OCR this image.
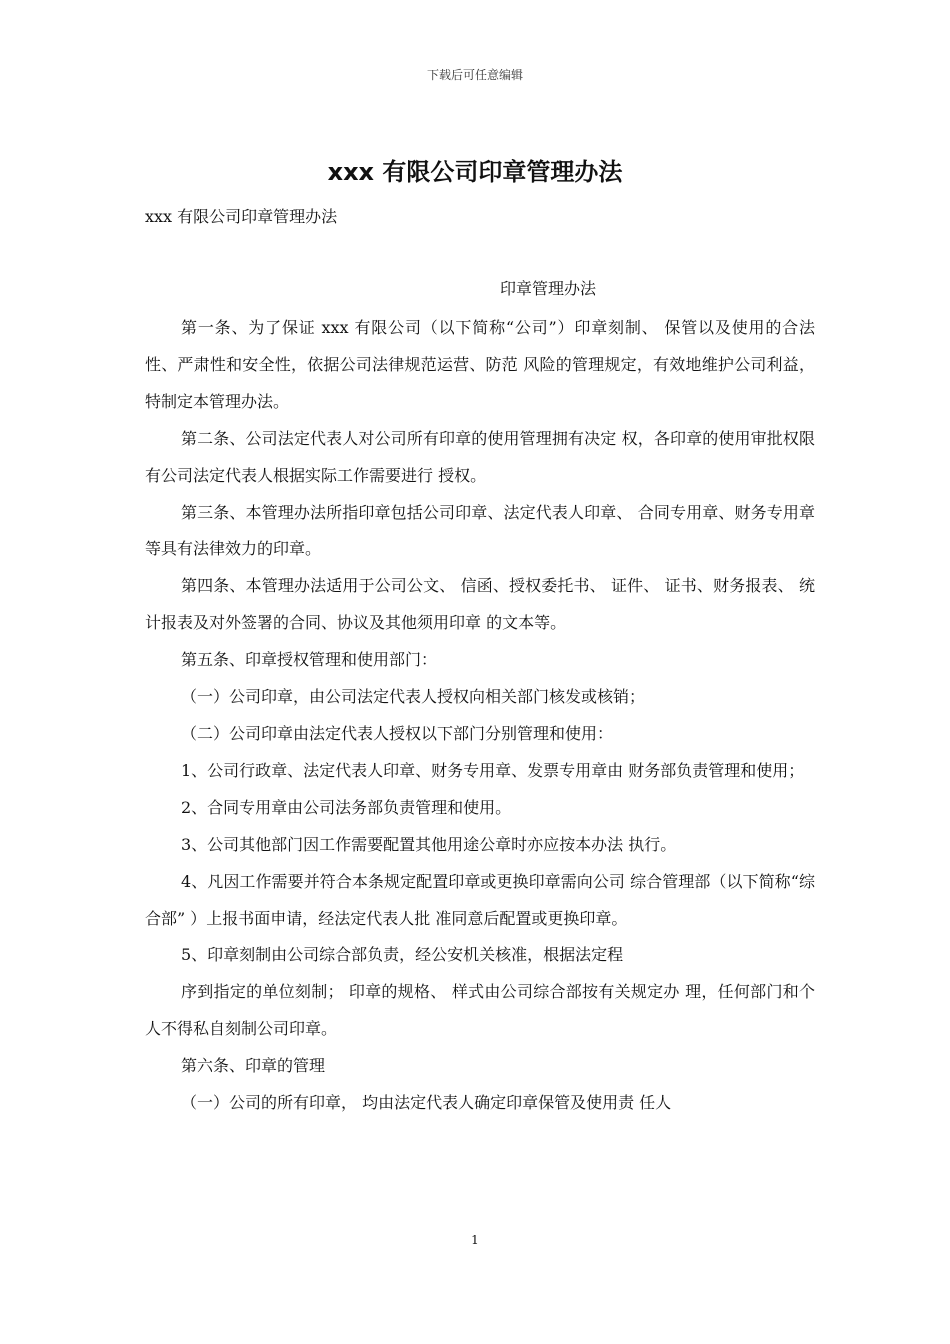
下载后可任意编辑
xxx 有限公司印章管理办法
xxx 有限公司印章管理办法
印章管理办法

第一条、为了保证 xxx 有限公司（以下简称“公司”）印章刻制、 保管以及使用的合法性、严肃性和安全性，依据公司法律规范运营、防范 风险的管理规定，有效地维护公司利益，特制定本管理办法。

第二条、公司法定代表人对公司所有印章的使用管理拥有决定 权，各印章的使用审批权限有公司法定代表人根据实际工作需要进行 授权。

第三条、本管理办法所指印章包括公司印章、法定代表人印章、 合同专用章、财务专用章等具有法律效力的印章。

第四条、本管理办法适用于公司公文、 信函、授权委托书、 证件、 证书、财务报表、 统计报表及对外签署的合同、协议及其他须用印章 的文本等。

第五条、印章授权管理和使用部门：

（一）公司印章，由公司法定代表人授权向相关部门核发或核销；

（二）公司印章由法定代表人授权以下部门分别管理和使用：

1、公司行政章、法定代表人印章、财务专用章、发票专用章由 财务部负责管理和使用；

2、合同专用章由公司法务部负责管理和使用。

3、公司其他部门因工作需要配置其他用途公章时亦应按本办法 执行。

4、凡因工作需要并符合本条规定配置印章或更换印章需向公司 综合管理部（以下简称“综合部” ）上报书面申请，经法定代表人批 准同意后配置或更换印章。

5、印章刻制由公司综合部负责，经公安机关核准，根据法定程

序到指定的单位刻制； 印章的规格、 样式由公司综合部按有关规定办 理，任何部门和个人不得私自刻制公司印章。

第六条、印章的管理

（一）公司的所有印章， 均由法定代表人确定印章保管及使用责 任人

1
